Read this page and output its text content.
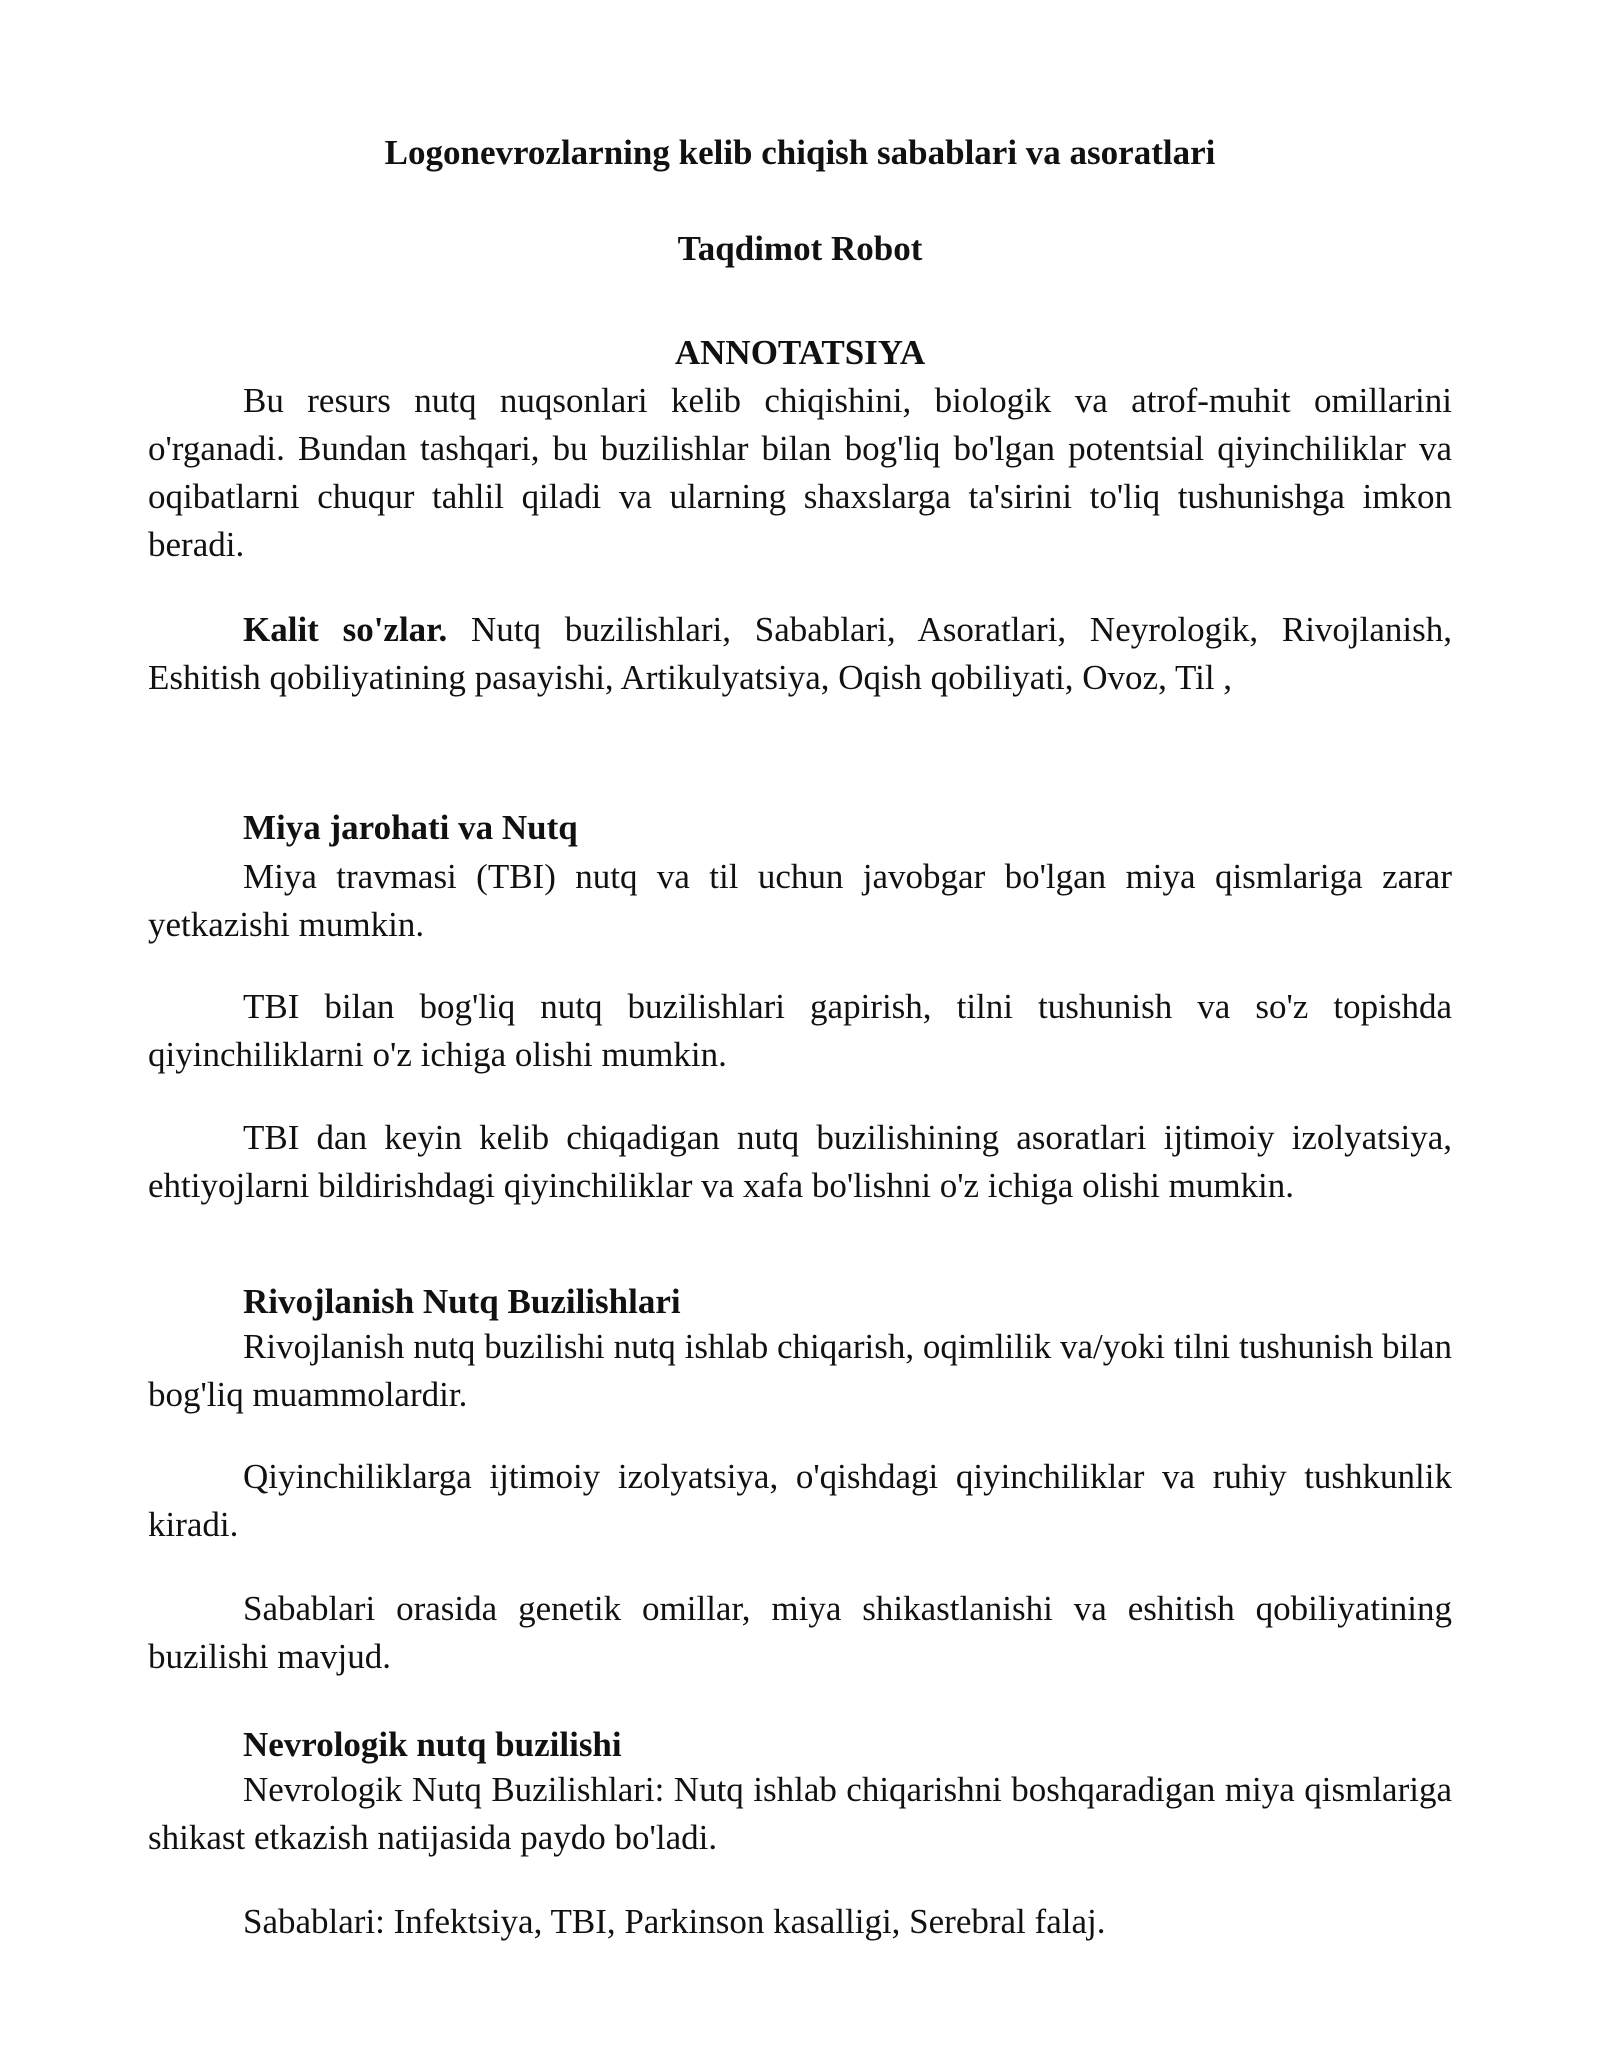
Logonevrozlarning kelib chiqish sabablari va asoratlari
Taqdimot Robot
ANNOTATSIYA

Bu resurs nutq nuqsonlari kelib chiqishini, biologik va atrof-muhit omillarini o'rganadi. Bundan tashqari, bu buzilishlar bilan bog'liq bo'lgan potentsial qiyinchiliklar va oqibatlarni chuqur tahlil qiladi va ularning shaxslarga ta'sirini to'liq tushunishga imkon beradi.

Kalit so'zlar. Nutq buzilishlari, Sabablari, Asoratlari, Neyrologik, Rivojlanish, Eshitish qobiliyatining pasayishi, Artikulyatsiya, Oqish qobiliyati, Ovoz, Til ,

Miya jarohati va Nutq

Miya travmasi (TBI) nutq va til uchun javobgar bo'lgan miya qismlariga zarar yetkazishi mumkin.

TBI bilan bog'liq nutq buzilishlari gapirish, tilni tushunish va so'z topishda qiyinchiliklarni o'z ichiga olishi mumkin.

TBI dan keyin kelib chiqadigan nutq buzilishining asoratlari ijtimoiy izolyatsiya, ehtiyojlarni bildirishdagi qiyinchiliklar va xafa bo'lishni o'z ichiga olishi mumkin.

Rivojlanish Nutq Buzilishlari

Rivojlanish nutq buzilishi nutq ishlab chiqarish, oqimlilik va/yoki tilni tushunish bilan bog'liq muammolardir.

Qiyinchiliklarga ijtimoiy izolyatsiya, o'qishdagi qiyinchiliklar va ruhiy tushkunlik kiradi.

Sabablari orasida genetik omillar, miya shikastlanishi va eshitish qobiliyatining buzilishi mavjud.

Nevrologik nutq buzilishi

Nevrologik Nutq Buzilishlari: Nutq ishlab chiqarishni boshqaradigan miya qismlariga shikast etkazish natijasida paydo bo'ladi.

Sabablari: Infektsiya, TBI, Parkinson kasalligi, Serebral falaj.
